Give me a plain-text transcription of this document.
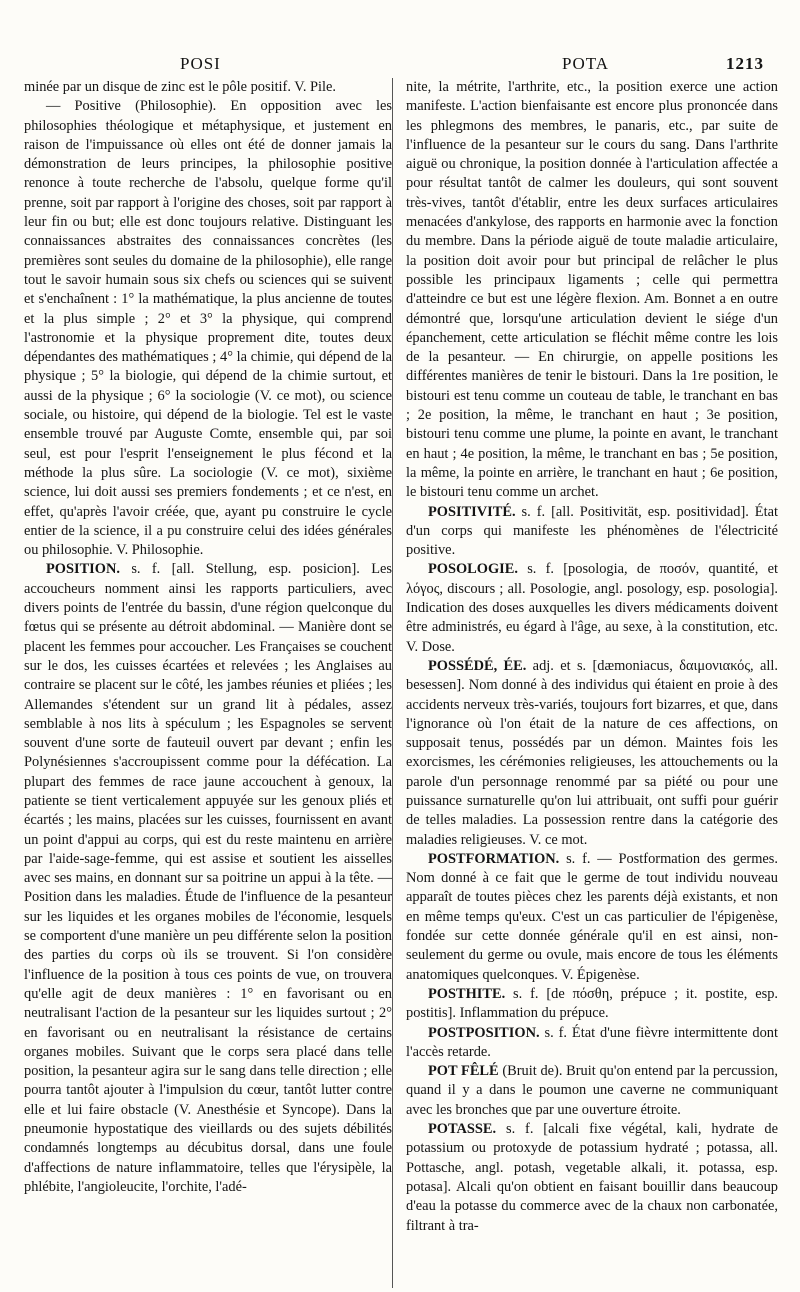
POSI	POTA	1213

minée par un disque de zinc est le pôle positif. V. Pile.

— Positive (Philosophie). En opposition avec les philosophies théologique et métaphysique, et justement en raison de l'impuissance où elles ont été de donner jamais la démonstration de leurs principes, la philosophie positive renonce à toute recherche de l'absolu, quelque forme qu'il prenne, soit par rapport à l'origine des choses, soit par rapport à leur fin ou but; elle est donc toujours relative. Distinguant les connaissances abstraites des connaissances concrètes (les premières sont seules du domaine de la philosophie), elle range tout le savoir humain sous six chefs ou sciences qui se suivent et s'enchaînent : 1° la mathématique, la plus ancienne de toutes et la plus simple ; 2° et 3° la physique, qui comprend l'astronomie et la physique proprement dite, toutes deux dépendantes des mathématiques ; 4° la chimie, qui dépend de la physique ; 5° la biologie, qui dépend de la chimie surtout, et aussi de la physique ; 6° la sociologie (V. ce mot), ou science sociale, ou histoire, qui dépend de la biologie. Tel est le vaste ensemble trouvé par Auguste Comte, ensemble qui, par soi seul, est pour l'esprit l'enseignement le plus fécond et la méthode la plus sûre. La sociologie (V. ce mot), sixième science, lui doit aussi ses premiers fondements ; et ce n'est, en effet, qu'après l'avoir créée, que, ayant pu construire le cycle entier de la science, il a pu construire celui des idées générales ou philosophie. V. Philosophie.

POSITION. s. f. [all. Stellung, esp. posicion]. Les accoucheurs nomment ainsi les rapports particuliers, avec divers points de l'entrée du bassin, d'une région quelconque du fœtus qui se présente au détroit abdominal. — Manière dont se placent les femmes pour accoucher. Les Françaises se couchent sur le dos, les cuisses écartées et relevées ; les Anglaises au contraire se placent sur le côté, les jambes réunies et pliées ; les Allemandes s'étendent sur un grand lit à pédales, assez semblable à nos lits à spéculum ; les Espagnoles se servent souvent d'une sorte de fauteuil ouvert par devant ; enfin les Polynésiennes s'accroupissent comme pour la défécation. La plupart des femmes de race jaune accouchent à genoux, la patiente se tient verticalement appuyée sur les genoux pliés et écartés ; les mains, placées sur les cuisses, fournissent en avant un point d'appui au corps, qui est du reste maintenu en arrière par l'aide-sage-femme, qui est assise et soutient les aisselles avec ses mains, en donnant sur sa poitrine un appui à la tête. — Position dans les maladies. Étude de l'influence de la pesanteur sur les liquides et les organes mobiles de l'économie, lesquels se comportent d'une manière un peu différente selon la position des parties du corps où ils se trouvent. Si l'on considère l'influence de la position à tous ces points de vue, on trouvera qu'elle agit de deux manières : 1° en favorisant ou en neutralisant l'action de la pesanteur sur les liquides surtout ; 2° en favorisant ou en neutralisant la résistance de certains organes mobiles. Suivant que le corps sera placé dans telle position, la pesanteur agira sur le sang dans telle direction ; elle pourra tantôt ajouter à l'impulsion du cœur, tantôt lutter contre elle et lui faire obstacle (V. Anesthésie et Syncope). Dans la pneumonie hypostatique des vieillards ou des sujets débilités condamnés longtemps au décubitus dorsal, dans une foule d'affections de nature inflammatoire, telles que l'érysipèle, la phlébite, l'angioleucite, l'orchite, l'adé-

nite, la métrite, l'arthrite, etc., la position exerce une action manifeste. L'action bienfaisante est encore plus prononcée dans les phlegmons des membres, le panaris, etc., par suite de l'influence de la pesanteur sur le cours du sang. Dans l'arthrite aiguë ou chronique, la position donnée à l'articulation affectée a pour résultat tantôt de calmer les douleurs, qui sont souvent très-vives, tantôt d'établir, entre les deux surfaces articulaires menacées d'ankylose, des rapports en harmonie avec la fonction du membre. Dans la période aiguë de toute maladie articulaire, la position doit avoir pour but principal de relâcher le plus possible les principaux ligaments ; celle qui permettra d'atteindre ce but est une légère flexion. Am. Bonnet a en outre démontré que, lorsqu'une articulation devient le siége d'un épanchement, cette articulation se fléchit même contre les lois de la pesanteur. — En chirurgie, on appelle positions les différentes manières de tenir le bistouri. Dans la 1re position, le bistouri est tenu comme un couteau de table, le tranchant en bas ; 2e position, la même, le tranchant en haut ; 3e position, bistouri tenu comme une plume, la pointe en avant, le tranchant en haut ; 4e position, la même, le tranchant en bas ; 5e position, la même, la pointe en arrière, le tranchant en haut ; 6e position, le bistouri tenu comme un archet.

POSITIVITÉ. s. f. [all. Positivität, esp. positividad]. État d'un corps qui manifeste les phénomènes de l'électricité positive.

POSOLOGIE. s. f. [posologia, de ποσόν, quantité, et λόγος, discours ; all. Posologie, angl. posology, esp. posologia]. Indication des doses auxquelles les divers médicaments doivent être administrés, eu égard à l'âge, au sexe, à la constitution, etc. V. Dose.

POSSÉDÉ, ÉE. adj. et s. [dæmoniacus, δαιμονιακός, all. besessen]. Nom donné à des individus qui étaient en proie à des accidents nerveux très-variés, toujours fort bizarres, et que, dans l'ignorance où l'on était de la nature de ces affections, on supposait tenus, possédés par un démon. Maintes fois les exorcismes, les cérémonies religieuses, les attouchements ou la parole d'un personnage renommé par sa piété ou pour une puissance surnaturelle qu'on lui attribuait, ont suffi pour guérir de telles maladies. La possession rentre dans la catégorie des maladies religieuses. V. ce mot.

POSTFORMATION. s. f. — Postformation des germes. Nom donné à ce fait que le germe de tout individu nouveau apparaît de toutes pièces chez les parents déjà existants, et non en même temps qu'eux. C'est un cas particulier de l'épigenèse, fondée sur cette donnée générale qu'il en est ainsi, non-seulement du germe ou ovule, mais encore de tous les éléments anatomiques quelconques. V. Épigenèse.

POSTHITE. s. f. [de πόσθη, prépuce ; it. postite, esp. postitis]. Inflammation du prépuce.

POSTPOSITION. s. f. État d'une fièvre intermittente dont l'accès retarde.

POT FÊLÉ (Bruit de). Bruit qu'on entend par la percussion, quand il y a dans le poumon une caverne ne communiquant avec les bronches que par une ouverture étroite.

POTASSE. s. f. [alcali fixe végétal, kali, hydrate de potassium ou protoxyde de potassium hydraté ; potassa, all. Pottasche, angl. potash, vegetable alkali, it. potassa, esp. potasa]. Alcali qu'on obtient en faisant bouillir dans beaucoup d'eau la potasse du commerce avec de la chaux non carbonatée, filtrant à tra-
